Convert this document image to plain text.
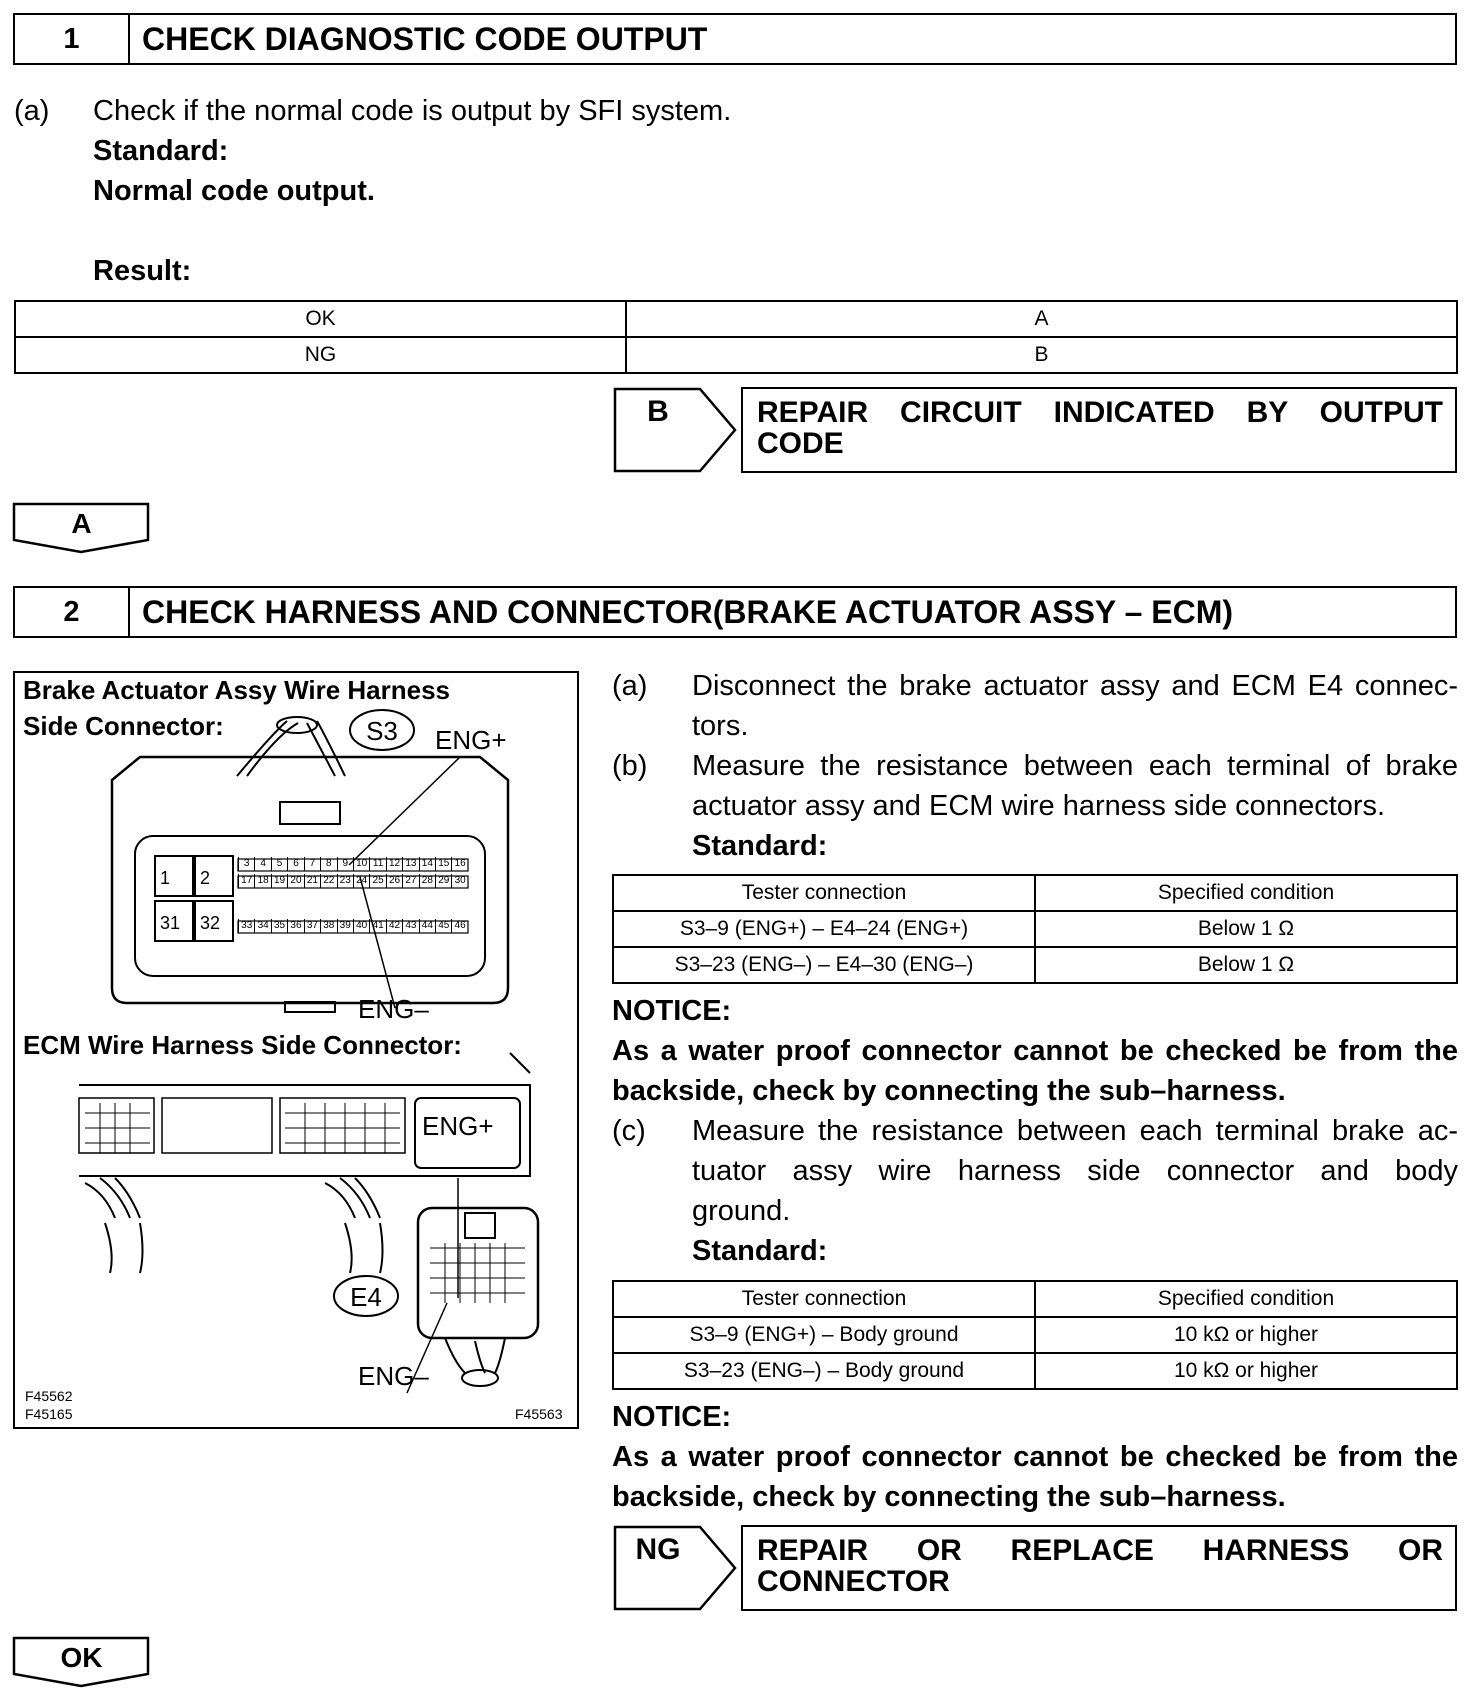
1	CHECK DIAGNOSTIC CODE OUTPUT
(a) Check if the normal code is output by SFI system.
Standard:
Normal code output.
Result:
OK	A
NG	B
B	REPAIR CIRCUIT INDICATED BY OUTPUT CODE
A
2	CHECK HARNESS AND CONNECTOR(BRAKE ACTUATOR ASSY – ECM)
Brake Actuator Assy Wire Harness
Side Connector:	S3	ENG+
1 2
31 32
3	4	5	6	7	8	9 10 11 12 13 14 15 16
17 18 19 20 21 22 23 24 25 26 27 28 29 30
33 34 35 36 37 38 39 40 41 42 43 44 45 46
ENG–
ECM Wire Harness Side Connector:
ENG+
E4
ENG–
F45562
F45165	F45563
(a) Disconnect the brake actuator assy and ECM E4 connec-
tors.
(b) Measure the resistance between each terminal of brake
actuator assy and ECM wire harness side connectors.
Standard:
Tester connection	Specified condition
S3–9 (ENG+) – E4–24 (ENG+)	Below 1 Ω
S3–23 (ENG–) – E4–30 (ENG–)	Below 1 Ω
NOTICE:
As a water proof connector cannot be checked be from the
backside, check by connecting the sub–harness.
(c) Measure the resistance between each terminal brake ac-
tuator assy wire harness side connector and body
ground.
Standard:
Tester connection	Specified condition
S3–9 (ENG+) – Body ground	10 kΩ or higher
S3–23 (ENG–) – Body ground	10 kΩ or higher
NOTICE:
As a water proof connector cannot be checked be from the
backside, check by connecting the sub–harness.
NG	REPAIR OR REPLACE HARNESS OR CONNECTOR
OK
